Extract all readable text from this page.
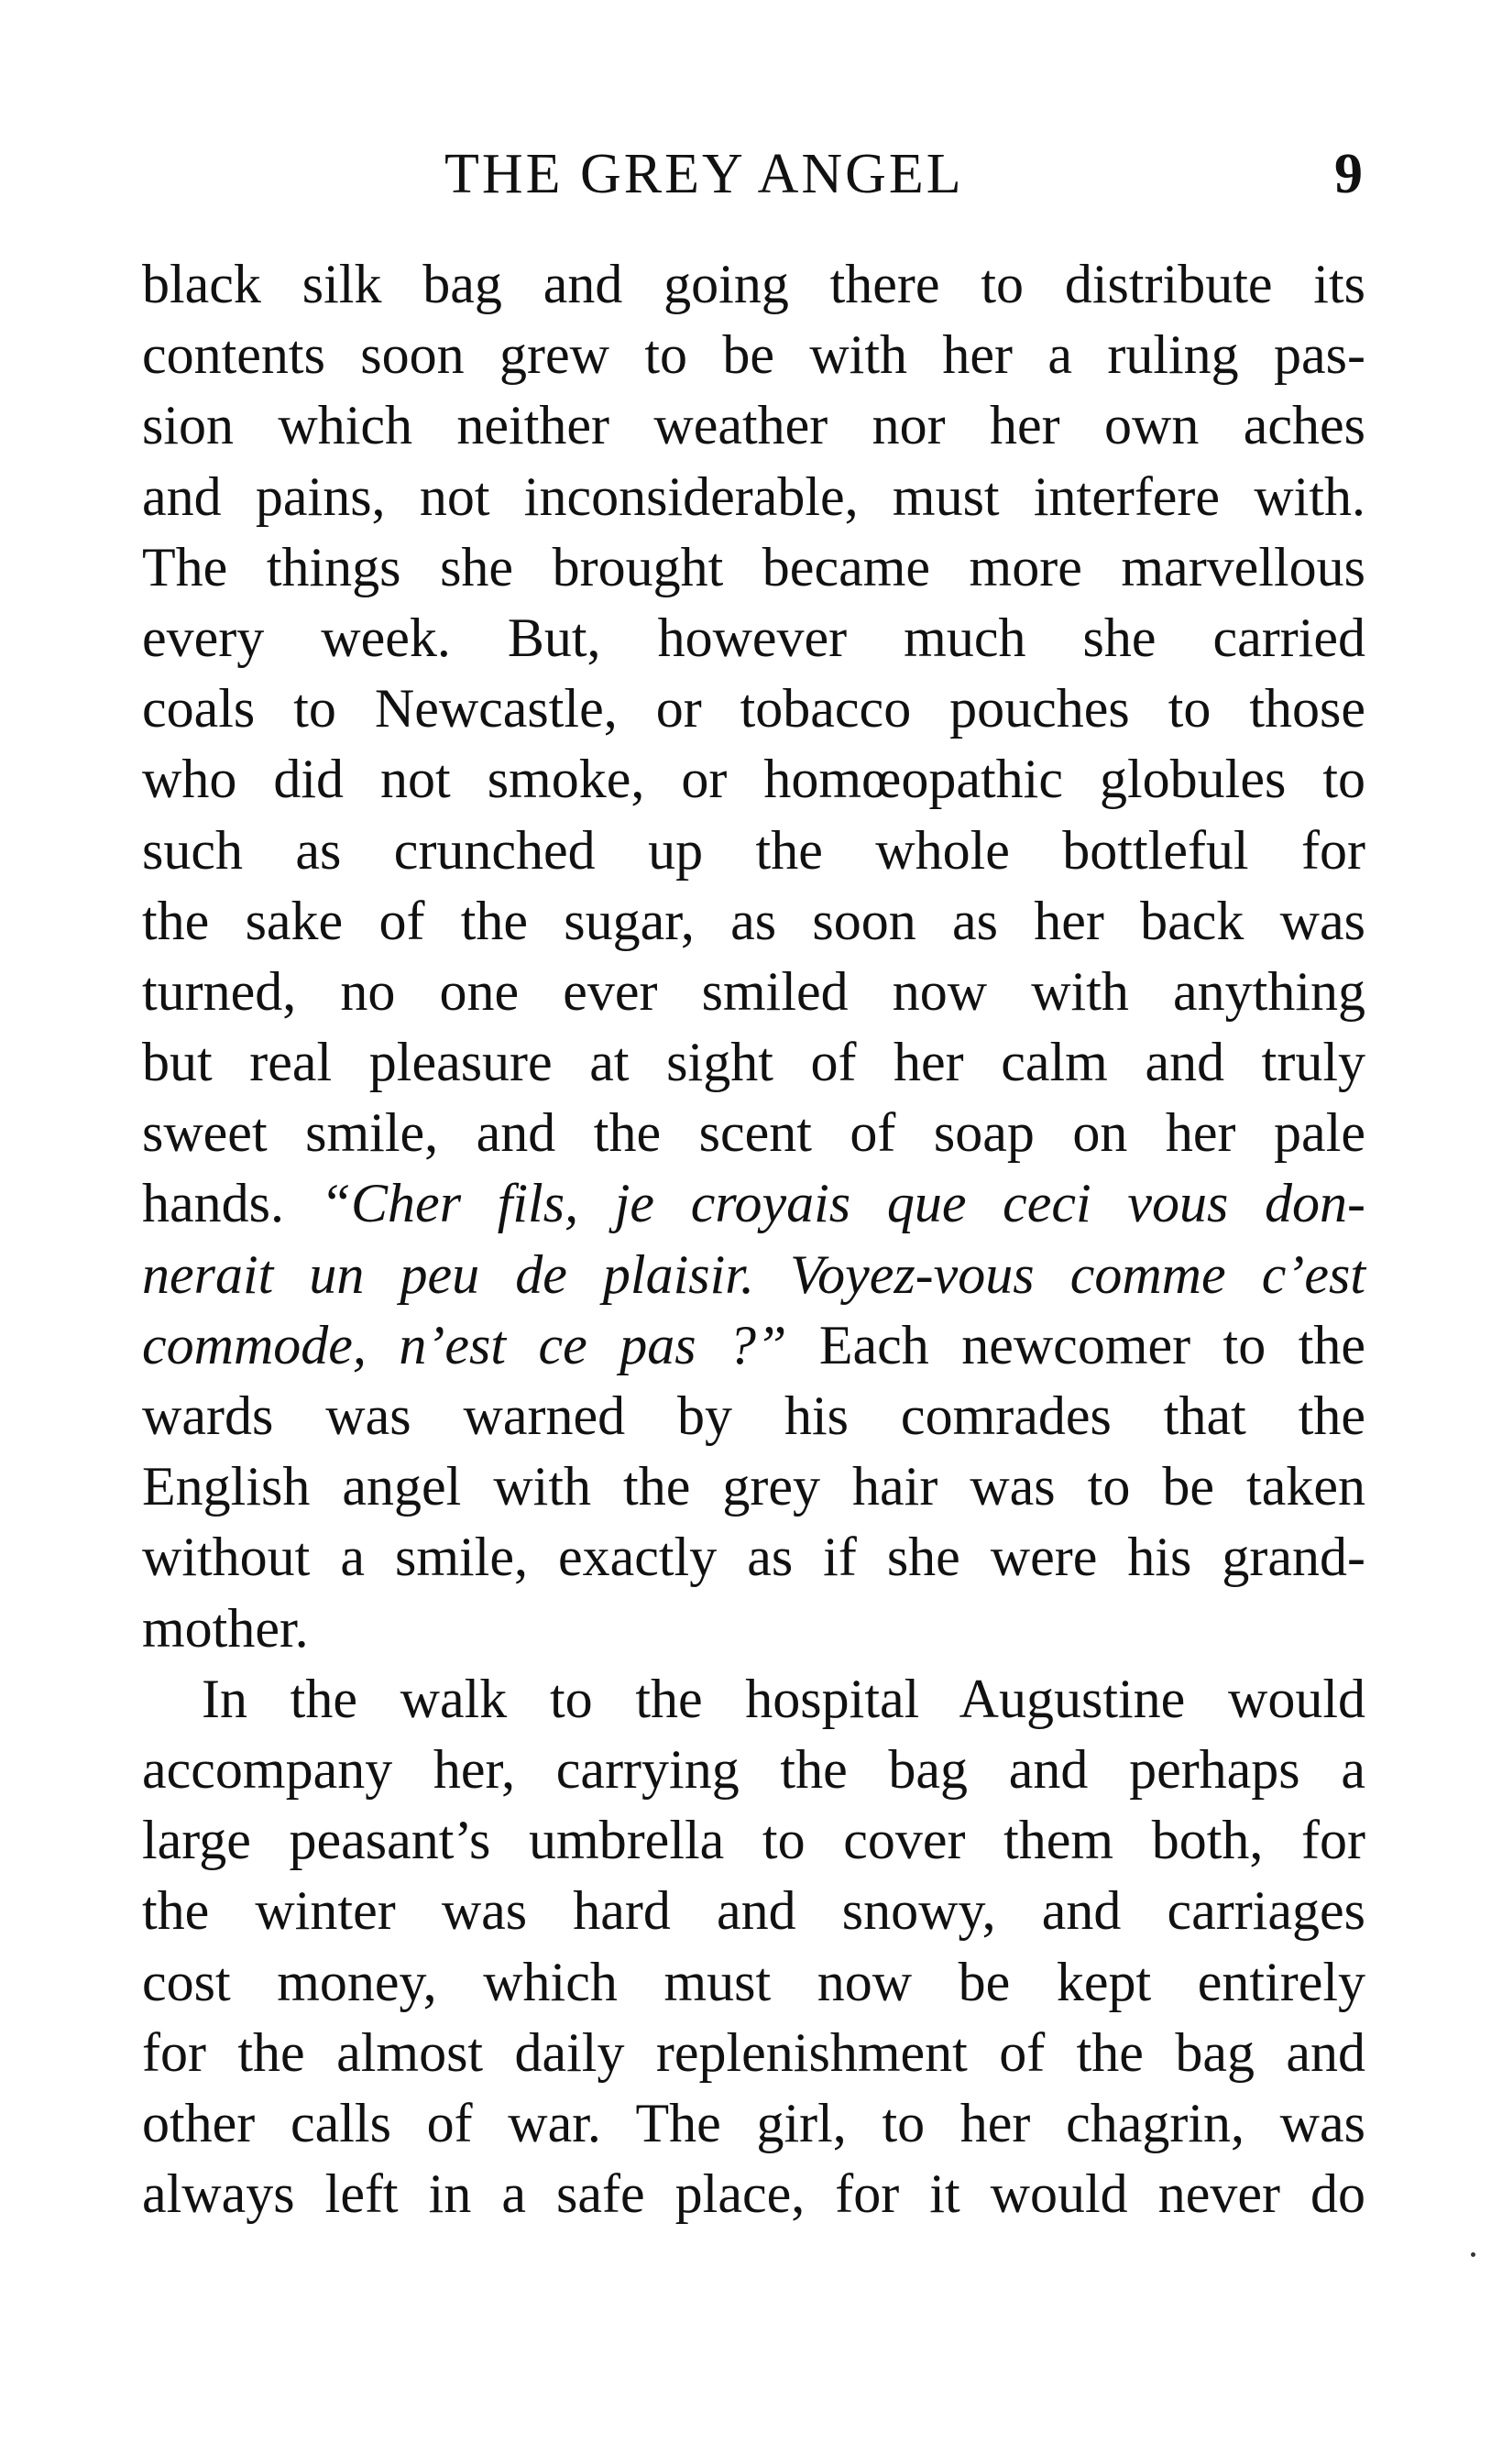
THE GREY ANGEL	9
black silk bag and going there to distribute its
contents soon grew to be with her a ruling pas-
sion which neither weather nor her own aches
and pains, not inconsiderable, must interfere with.
The things she brought became more marvellous
every week. But, however much she carried
coals to Newcastle, or tobacco pouches to those
who did not smoke, or homœopathic globules to
such as crunched up the whole bottleful for
the sake of the sugar, as soon as her back was
turned, no one ever smiled now with anything
but real pleasure at sight of her calm and truly
sweet smile, and the scent of soap on her pale
hands. “Cher fils, je croyais que ceci vous don-
nerait un peu de plaisir. Voyez-vous comme c’est
commode, n’est ce pas ?” Each newcomer to the
wards was warned by his comrades that the
English angel with the grey hair was to be taken
without a smile, exactly as if she were his grand-
mother.
In the walk to the hospital Augustine would
accompany her, carrying the bag and perhaps a
large peasant’s umbrella to cover them both, for
the winter was hard and snowy, and carriages
cost money, which must now be kept entirely
for the almost daily replenishment of the bag and
other calls of war. The girl, to her chagrin, was
always left in a safe place, for it would never do
